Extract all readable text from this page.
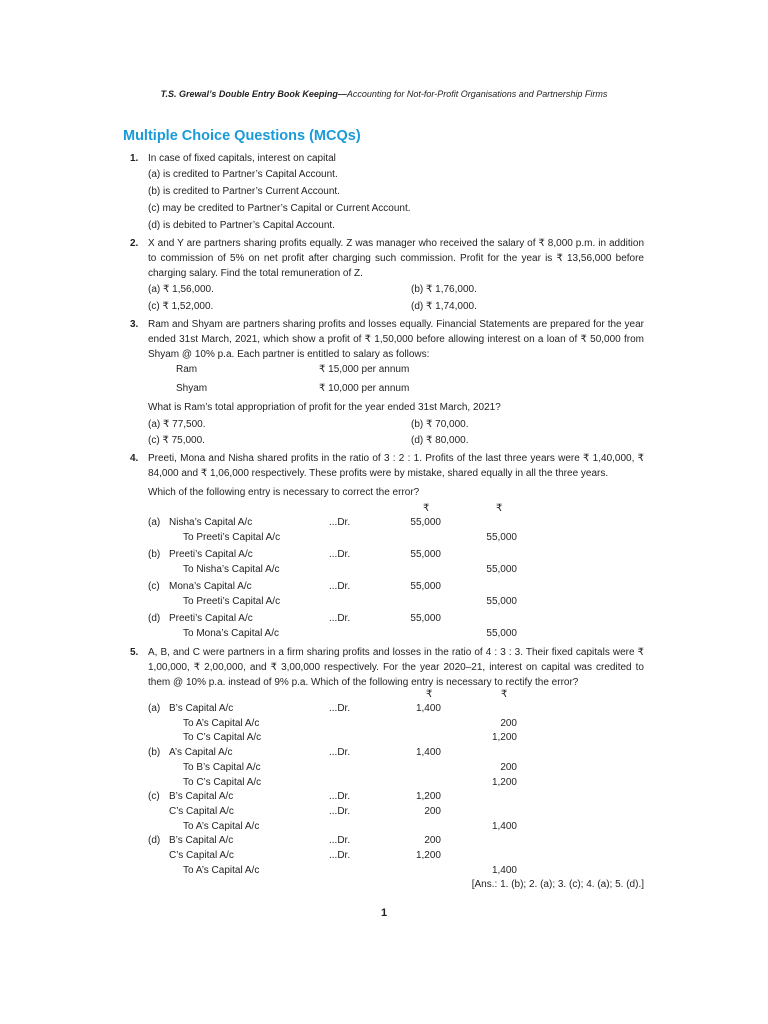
T.S. Grewal’s Double Entry Book Keeping—Accounting for Not-for-Profit Organisations and Partnership Firms
Multiple Choice Questions (MCQs)
1. In case of fixed capitals, interest on capital
(a) is credited to Partner’s Capital Account.
(b) is credited to Partner’s Current Account.
(c) may be credited to Partner’s Capital or Current Account.
(d) is debited to Partner’s Capital Account.
2. X and Y are partners sharing profits equally. Z was manager who received the salary of ₹ 8,000 p.m. in addition to commission of 5% on net profit after charging such commission. Profit for the year is ₹ 13,56,000 before charging salary. Find the total remuneration of Z.
(a) ₹ 1,56,000.	(b) ₹ 1,76,000.
(c) ₹ 1,52,000.	(d) ₹ 1,74,000.
3. Ram and Shyam are partners sharing profits and losses equally. Financial Statements are prepared for the year ended 31st March, 2021, which show a profit of ₹ 1,50,000 before allowing interest on a loan of ₹ 50,000 from Shyam @ 10% p.a. Each partner is entitled to salary as follows:
Ram	₹ 15,000 per annum
Shyam	₹ 10,000 per annum
What is Ram’s total appropriation of profit for the year ended 31st March, 2021?
(a) ₹ 77,500.	(b) ₹ 70,000.
(c) ₹ 75,000.	(d) ₹ 80,000.
4. Preeti, Mona and Nisha shared profits in the ratio of 3 : 2 : 1. Profits of the last three years were ₹ 1,40,000, ₹ 84,000 and ₹ 1,06,000 respectively. These profits were by mistake, shared equally in all the three years.
Which of the following entry is necessary to correct the error?
₹	₹
(a) Nisha’s Capital A/c	...Dr.	55,000
To Preeti’s Capital A/c	55,000
(b) Preeti’s Capital A/c	...Dr.	55,000
To Nisha’s Capital A/c	55,000
(c) Mona’s Capital A/c	...Dr.	55,000
To Preeti’s Capital A/c	55,000
(d) Preeti’s Capital A/c	...Dr.	55,000
To Mona’s Capital A/c	55,000
5. A, B, and C were partners in a firm sharing profits and losses in the ratio of 4 : 3 : 3. Their fixed capitals were ₹ 1,00,000, ₹ 2,00,000, and ₹ 3,00,000 respectively. For the year 2020–21, interest on capital was credited to them @ 10% p.a. instead of 9% p.a. Which of the following entry is necessary to rectify the error?
₹	₹
(a) B’s Capital A/c	...Dr.	1,400
To A’s Capital A/c	200
To C’s Capital A/c	1,200
(b) A’s Capital A/c	...Dr.	1,400
To B’s Capital A/c	200
To C’s Capital A/c	1,200
(c) B’s Capital A/c	...Dr.	1,200
C’s Capital A/c	...Dr.	200
To A’s Capital A/c	1,400
(d) B’s Capital A/c	...Dr.	200
C’s Capital A/c	...Dr.	1,200
To A’s Capital A/c	1,400
[Ans.: 1. (b); 2. (a); 3. (c); 4. (a); 5. (d).]
1
